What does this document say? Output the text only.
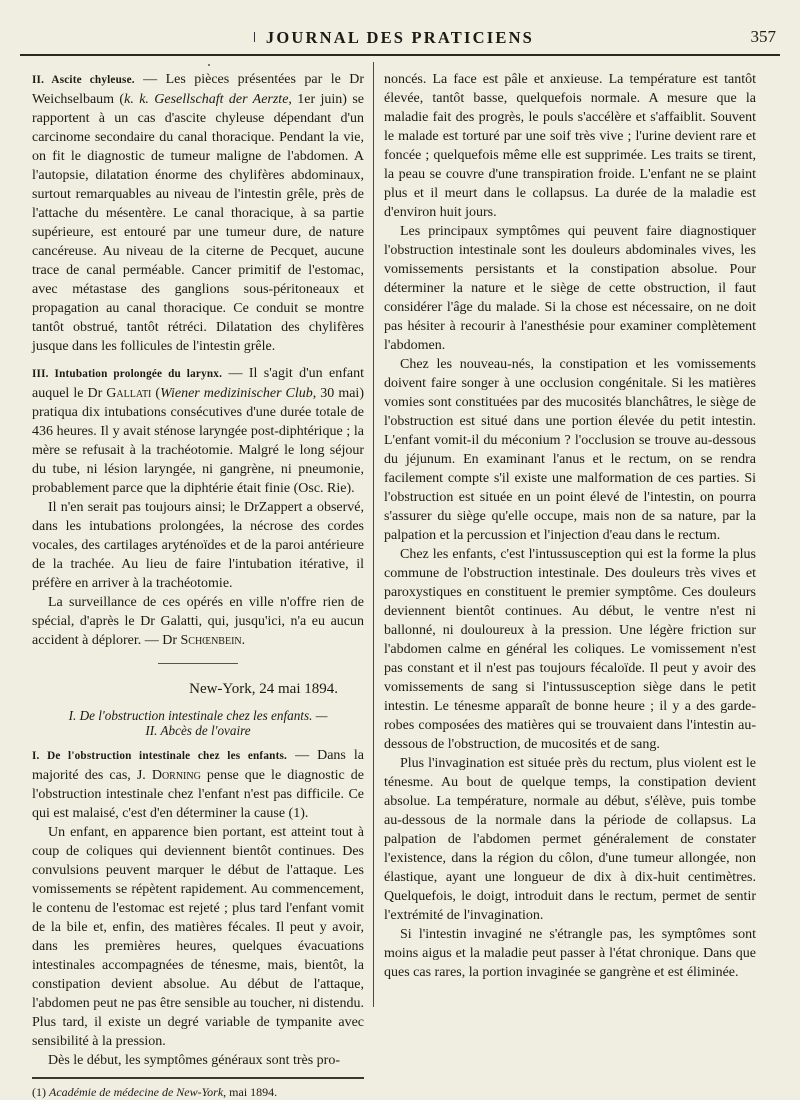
JOURNAL DES PRATICIENS	357

II. Ascite chyleuse. — Les pièces présentées par le Dr Weichselbaum (k. k. Gesellschaft der Aerzte, 1er juin) se rapportent à un cas d'ascite chyleuse dépendant d'un carcinome secondaire du canal thoracique. Pendant la vie, on fit le diagnostic de tumeur maligne de l'abdomen. A l'autopsie, dilatation énorme des chylifères abdominaux, surtout remarquables au niveau de l'intestin grêle, près de l'attache du mésentère. Le canal thoracique, à sa partie supérieure, est entouré par une tumeur dure, de nature cancéreuse. Au niveau de la citerne de Pecquet, aucune trace de canal perméable. Cancer primitif de l'estomac, avec métastase des ganglions sous-péritoneaux et propagation au canal thoracique. Ce conduit se montre tantôt obstrué, tantôt rétréci. Dilatation des chylifères jusque dans les follicules de l'intestin grêle.

III. Intubation prolongée du larynx. — Il s'agit d'un enfant auquel le Dr Gallati (Wiener medizinischer Club, 30 mai) pratiqua dix intubations consécutives d'une durée totale de 436 heures. Il y avait sténose laryngée post-diphtérique ; la mère se refusait à la trachéotomie. Malgré le long séjour du tube, ni lésion laryngée, ni gangrène, ni pneumonie, probablement parce que la diphtérie était finie (Osc. Rie).

Il n'en serait pas toujours ainsi; le DrZappert a observé, dans les intubations prolongées, la nécrose des cordes vocales, des cartilages aryténoïdes et de la paroi antérieure de la trachée. Au lieu de faire l'intubation itérative, il préfère en arriver à la trachéotomie.

La surveillance de ces opérés en ville n'offre rien de spécial, d'après le Dr Galatti, qui, jusqu'ici, n'a eu aucun accident à déplorer. — Dr Schœnbein.

New-York, 24 mai 1894.

I. De l'obstruction intestinale chez les enfants. —

II. Abcès de l'ovaire

I. De l'obstruction intestinale chez les enfants. — Dans la majorité des cas, J. Dorning pense que le diagnostic de l'obstruction intestinale chez l'enfant n'est pas difficile. Ce qui est malaisé, c'est d'en déterminer la cause (1).

Un enfant, en apparence bien portant, est atteint tout à coup de coliques qui deviennent bientôt continues. Des convulsions peuvent marquer le début de l'attaque. Les vomissements se répètent rapidement. Au commencement, le contenu de l'estomac est rejeté ; plus tard l'enfant vomit de la bile et, enfin, des matières fécales. Il peut y avoir, dans les premières heures, quelques évacuations intestinales accompagnées de ténesme, mais, bientôt, la constipation devient absolue. Au début de l'attaque, l'abdomen peut ne pas être sensible au toucher, ni distendu. Plus tard, il existe un degré variable de tympanite avec sensibilité à la pression.

Dès le début, les symptômes généraux sont très pro-

(1) Académie de médecine de New-York, mai 1894.

noncés. La face est pâle et anxieuse. La température est tantôt élevée, tantôt basse, quelquefois normale. A mesure que la maladie fait des progrès, le pouls s'accélère et s'affaiblit. Souvent le malade est torturé par une soif très vive ; l'urine devient rare et foncée ; quelquefois même elle est supprimée. Les traits se tirent, la peau se couvre d'une transpiration froide. L'enfant ne se plaint plus et il meurt dans le collapsus. La durée de la maladie est d'environ huit jours.

Les principaux symptômes qui peuvent faire diagnostiquer l'obstruction intestinale sont les douleurs abdominales vives, les vomissements persistants et la constipation absolue. Pour déterminer la nature et le siège de cette obstruction, il faut considérer l'âge du malade. Si la chose est nécessaire, on ne doit pas hésiter à recourir à l'anesthésie pour examiner complètement l'abdomen.

Chez les nouveau-nés, la constipation et les vomissements doivent faire songer à une occlusion congénitale. Si les matières vomies sont constituées par des mucosités blanchâtres, le siège de l'obstruction est situé dans une portion élevée du petit intestin. L'enfant vomit-il du méconium ? l'occlusion se trouve au-dessous du jéjunum. En examinant l'anus et le rectum, on se rendra facilement compte s'il existe une malformation de ces parties. Si l'obstruction est située en un point élevé de l'intestin, on pourra s'assurer du siège qu'elle occupe, mais non de sa nature, par la palpation et la percussion et l'injection d'eau dans le rectum.

Chez les enfants, c'est l'intussusception qui est la forme la plus commune de l'obstruction intestinale. Des douleurs très vives et paroxystiques en constituent le premier symptôme. Ces douleurs deviennent bientôt continues. Au début, le ventre n'est ni ballonné, ni douloureux à la pression. Une légère friction sur l'abdomen calme en général les coliques. Le vomissement n'est pas constant et il n'est pas toujours fécaloïde. Il peut y avoir des vomissements de sang si l'intussusception siège dans le petit intestin. Le ténesme apparaît de bonne heure ; il y a des garde-robes composées des matières qui se trouvaient dans l'intestin au-dessous de l'obstruction, de mucosités et de sang.

Plus l'invagination est située près du rectum, plus violent est le ténesme. Au bout de quelque temps, la constipation devient absolue. La température, normale au début, s'élève, puis tombe au-dessous de la normale dans la période de collapsus. La palpation de l'abdomen permet généralement de constater l'existence, dans la région du côlon, d'une tumeur allongée, non élastique, ayant une longueur de dix à dix-huit centimètres. Quelquefois, le doigt, introduit dans le rectum, permet de sentir l'extrémité de l'invagination.

Si l'intestin invaginé ne s'étrangle pas, les symptômes sont moins aigus et la maladie peut passer à l'état chronique. Dans que ques cas rares, la portion invaginée se gangrène et est éliminée.
